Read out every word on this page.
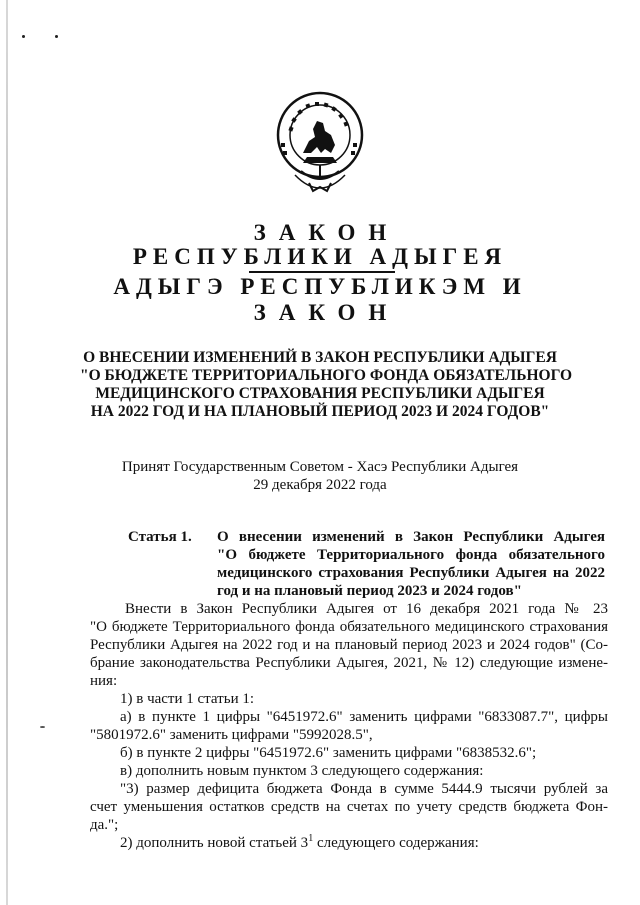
ЗАКОН
РЕСПУБЛИКИ АДЫГЕЯ
АДЫГЭ РЕСПУБЛИКЭМ И
ЗАКОН
О ВНЕСЕНИИ ИЗМЕНЕНИЙ В ЗАКОН РЕСПУБЛИКИ АДЫГЕЯ
"О БЮДЖЕТЕ ТЕРРИТОРИАЛЬНОГО ФОНДА ОБЯЗАТЕЛЬНОГО
МЕДИЦИНСКОГО СТРАХОВАНИЯ РЕСПУБЛИКИ АДЫГЕЯ
НА 2022 ГОД И НА ПЛАНОВЫЙ ПЕРИОД 2023 И 2024 ГОДОВ"
Принят Государственным Советом - Хасэ Республики Адыгея
29 декабря 2022 года
Статья 1. О внесении изменений в Закон Республики Адыгея
"О бюджете Территориального фонда обязательного
медицинского страхования Республики Адыгея на 2022
год и на плановый период 2023 и 2024 годов"
Внести в Закон Республики Адыгея от 16 декабря 2021 года № 23
"О бюджете Территориального фонда обязательного медицинского страхования
Республики Адыгея на 2022 год и на плановый период 2023 и 2024 годов" (Со-
брание законодательства Республики Адыгея, 2021, № 12) следующие измене-
ния:
1) в части 1 статьи 1:
а) в пункте 1 цифры "6451972.6" заменить цифрами "6833087.7", цифры
"5801972.6" заменить цифрами "5992028.5",
б) в пункте 2 цифры "6451972.6" заменить цифрами "6838532.6";
в) дополнить новым пунктом 3 следующего содержания:
"3) размер дефицита бюджета Фонда в сумме 5444.9 тысячи рублей за
счет уменьшения остатков средств на счетах по учету средств бюджета Фон-
да.";
2) дополнить новой статьей $3^1$ следующего содержания:
